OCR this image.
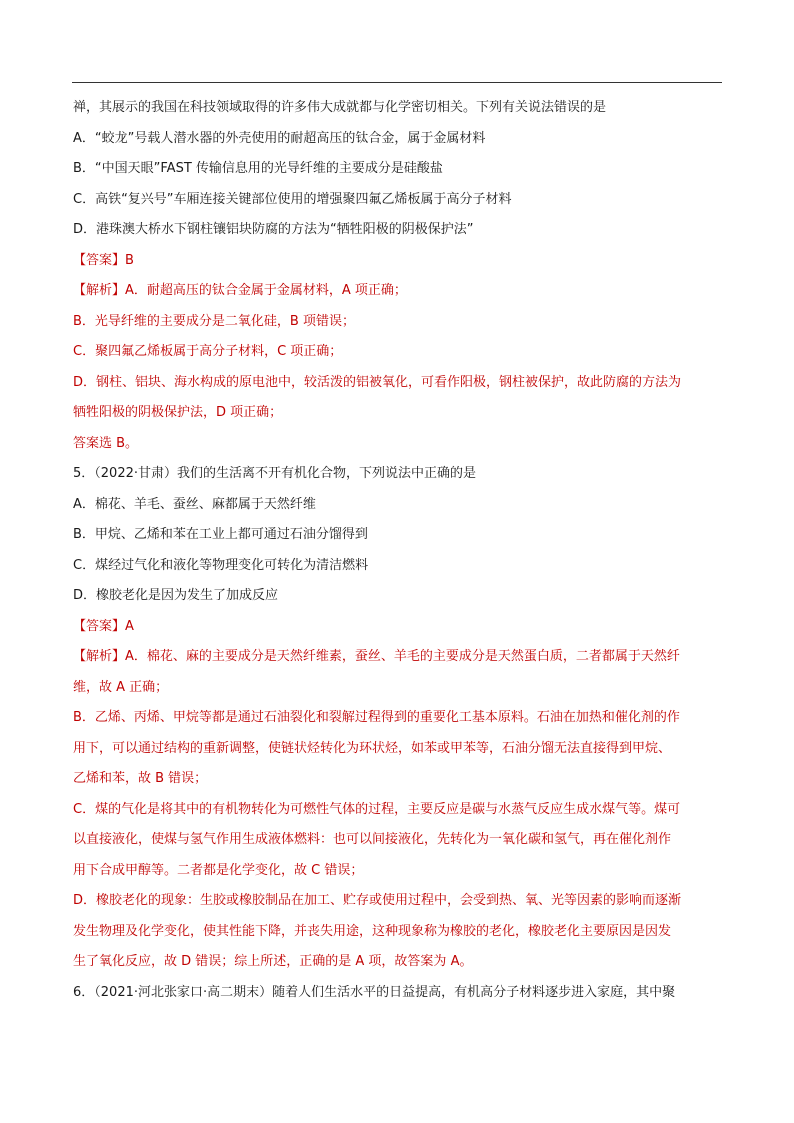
禅，其展示的我国在科技领域取得的许多伟大成就都与化学密切相关。下列有关说法错误的是
A．“蛟龙”号载人潜水器的外壳使用的耐超高压的钛合金，属于金属材料
B．“中国天眼”FAST 传输信息用的光导纤维的主要成分是硅酸盐
C．高铁“复兴号”车厢连接关键部位使用的增强聚四氟乙烯板属于高分子材料
D．港珠澳大桥水下钢柱镶铝块防腐的方法为“牺牲阳极的阴极保护法”
【答案】B
【解析】A．耐超高压的钛合金属于金属材料，A 项正确；
B．光导纤维的主要成分是二氧化硅，B 项错误；
C．聚四氟乙烯板属于高分子材料，C 项正确；
D．钢柱、铝块、海水构成的原电池中，较活泼的铝被氧化，可看作阳极，钢柱被保护，故此防腐的方法为
牺牲阳极的阴极保护法，D 项正确；
答案选 B。
5．（2022·甘肃）我们的生活离不开有机化合物，下列说法中正确的是
A．棉花、羊毛、蚕丝、麻都属于天然纤维
B．甲烷、乙烯和苯在工业上都可通过石油分馏得到
C．煤经过气化和液化等物理变化可转化为清洁燃料
D．橡胶老化是因为发生了加成反应
【答案】A
【解析】A．棉花、麻的主要成分是天然纤维素，蚕丝、羊毛的主要成分是天然蛋白质，二者都属于天然纤
维，故 A 正确；
B．乙烯、丙烯、甲烷等都是通过石油裂化和裂解过程得到的重要化工基本原料。石油在加热和催化剂的作
用下，可以通过结构的重新调整，使链状烃转化为环状烃，如苯或甲苯等，石油分馏无法直接得到甲烷、
乙烯和苯，故 B 错误；
C．煤的气化是将其中的有机物转化为可燃性气体的过程，主要反应是碳与水蒸气反应生成水煤气等。煤可
以直接液化，使煤与氢气作用生成液体燃料：也可以间接液化，先转化为一氧化碳和氢气，再在催化剂作
用下合成甲醇等。二者都是化学变化，故 C 错误；
D．橡胶老化的现象：生胶或橡胶制品在加工、贮存或使用过程中，会受到热、氧、光等因素的影响而逐渐
发生物理及化学变化，使其性能下降，并丧失用途，这种现象称为橡胶的老化，橡胶老化主要原因是因发
生了氧化反应，故 D 错误；综上所述，正确的是 A 项，故答案为 A。
6．（2021·河北张家口·高二期末）随着人们生活水平的日益提高，有机高分子材料逐步进入家庭，其中聚
